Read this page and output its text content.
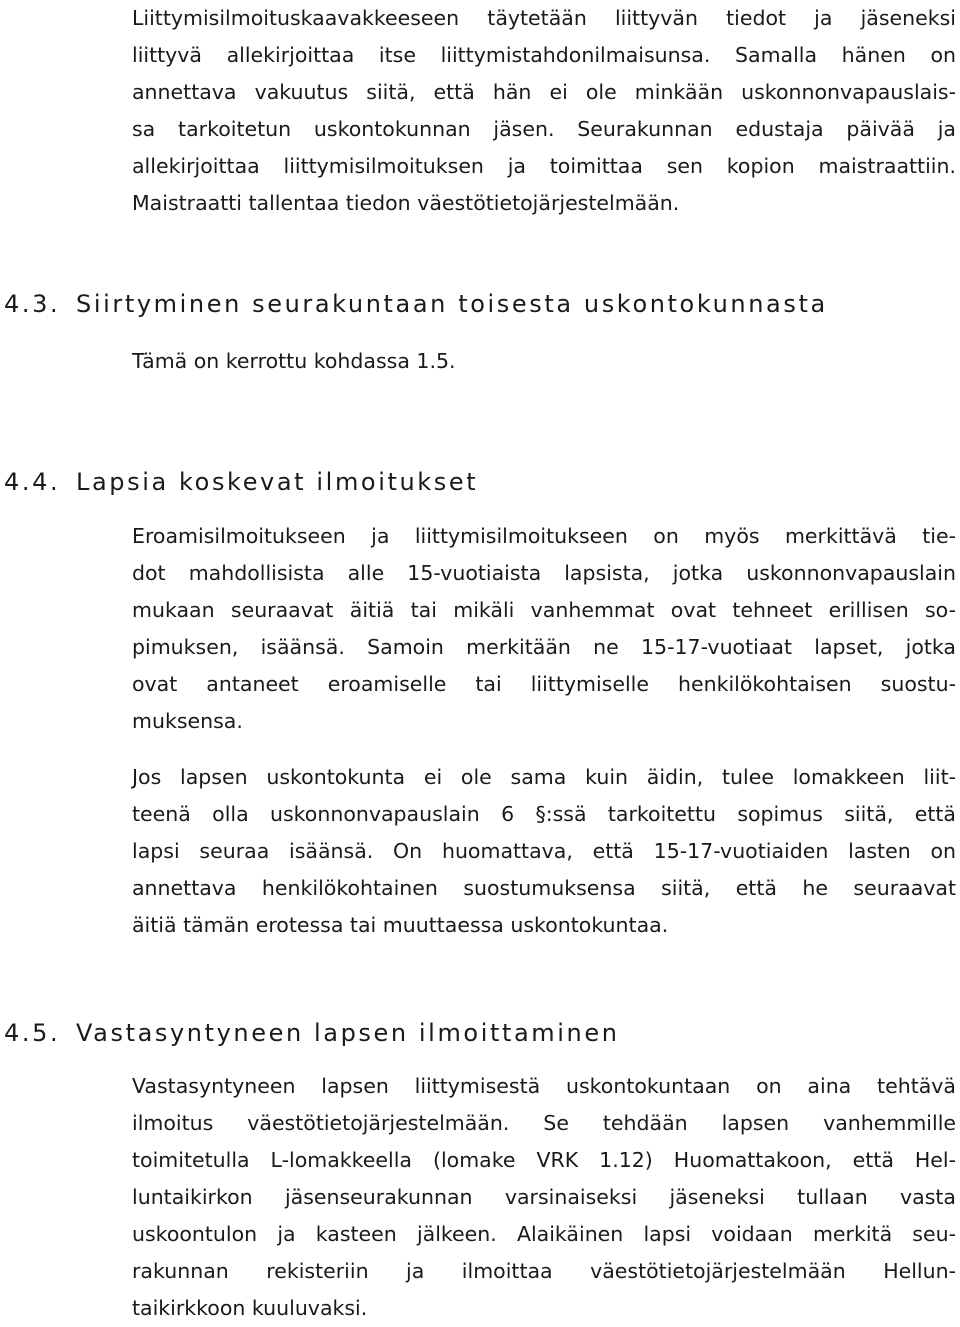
Liittymisilmoituskaavakkeeseen täytetään liittyvän tiedot ja jäseneksi
liittyvä allekirjoittaa itse liittymistahdonilmaisunsa. Samalla hänen on
annettava vakuutus siitä, että hän ei ole minkään uskonnonvapauslais-
sa tarkoitetun uskontokunnan jäsen. Seurakunnan edustaja päivää ja
allekirjoittaa liittymisilmoituksen ja toimittaa sen kopion maistraattiin.
Maistraatti tallentaa tiedon väestötietojärjestelmään.

4.3. Siirtyminen seurakuntaan toisesta uskontokunnasta

Tämä on kerrottu kohdassa 1.5.

4.4. Lapsia koskevat ilmoitukset

Eroamisilmoitukseen ja liittymisilmoitukseen on myös merkittävä tie-
dot mahdollisista alle 15-vuotiaista lapsista, jotka uskonnonvapauslain
mukaan seuraavat äitiä tai mikäli vanhemmat ovat tehneet erillisen so-
pimuksen, isäänsä. Samoin merkitään ne 15-17-vuotiaat lapset, jotka
ovat antaneet eroamiselle tai liittymiselle henkilökohtaisen suostu-
muksensa.

Jos lapsen uskontokunta ei ole sama kuin äidin, tulee lomakkeen liit-
teenä olla uskonnonvapauslain 6 §:ssä tarkoitettu sopimus siitä, että
lapsi seuraa isäänsä. On huomattava, että 15-17-vuotiaiden lasten on
annettava henkilökohtainen suostumuksensa siitä, että he seuraavat
äitiä tämän erotessa tai muuttaessa uskontokuntaa.

4.5. Vastasyntyneen lapsen ilmoittaminen

Vastasyntyneen lapsen liittymisestä uskontokuntaan on aina tehtävä
ilmoitus väestötietojärjestelmään. Se tehdään lapsen vanhemmille
toimitetulla L-lomakkeella (lomake VRK 1.12) Huomattakoon, että Hel-
luntaikirkon jäsenseurakunnan varsinaiseksi jäseneksi tullaan vasta
uskoontulon ja kasteen jälkeen. Alaikäinen lapsi voidaan merkitä seu-
rakunnan rekisteriin ja ilmoittaa väestötietojärjestelmään Hellun-
taikirkkoon kuuluvaksi.
